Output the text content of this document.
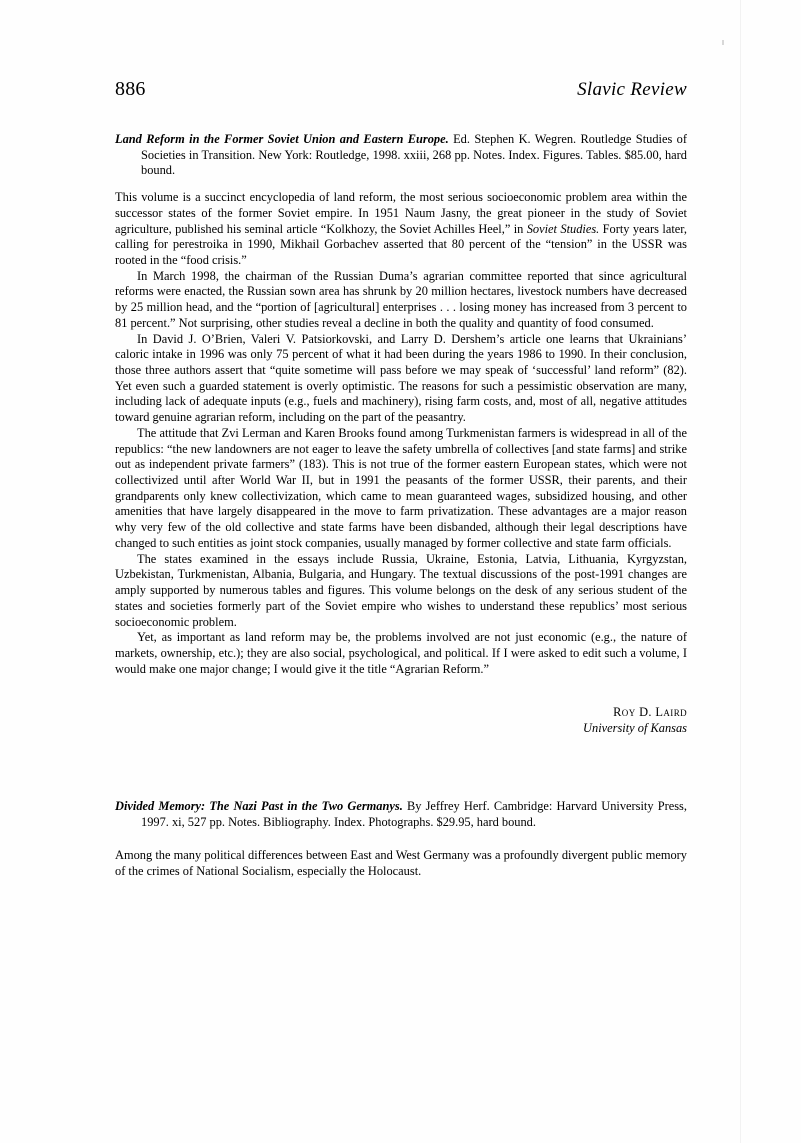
886	Slavic Review

Land Reform in the Former Soviet Union and Eastern Europe. Ed. Stephen K. Wegren. Routledge Studies of Societies in Transition. New York: Routledge, 1998. xxiii, 268 pp. Notes. Index. Figures. Tables. $85.00, hard bound.

This volume is a succinct encyclopedia of land reform, the most serious socioeconomic problem area within the successor states of the former Soviet empire. In 1951 Naum Jasny, the great pioneer in the study of Soviet agriculture, published his seminal article “Kolkhozy, the Soviet Achilles Heel,” in Soviet Studies. Forty years later, calling for perestroika in 1990, Mikhail Gorbachev asserted that 80 percent of the “tension” in the USSR was rooted in the “food crisis.”

In March 1998, the chairman of the Russian Duma’s agrarian committee reported that since agricultural reforms were enacted, the Russian sown area has shrunk by 20 million hectares, livestock numbers have decreased by 25 million head, and the “portion of [agricultural] enterprises . . . losing money has increased from 3 percent to 81 percent.” Not surprising, other studies reveal a decline in both the quality and quantity of food consumed.

In David J. O’Brien, Valeri V. Patsiorkovski, and Larry D. Dershem’s article one learns that Ukrainians’ caloric intake in 1996 was only 75 percent of what it had been during the years 1986 to 1990. In their conclusion, those three authors assert that “quite sometime will pass before we may speak of ‘successful’ land reform” (82). Yet even such a guarded statement is overly optimistic. The reasons for such a pessimistic observation are many, including lack of adequate inputs (e.g., fuels and machinery), rising farm costs, and, most of all, negative attitudes toward genuine agrarian reform, including on the part of the peasantry.

The attitude that Zvi Lerman and Karen Brooks found among Turkmenistan farmers is widespread in all of the republics: “the new landowners are not eager to leave the safety umbrella of collectives [and state farms] and strike out as independent private farmers” (183). This is not true of the former eastern European states, which were not collectivized until after World War II, but in 1991 the peasants of the former USSR, their parents, and their grandparents only knew collectivization, which came to mean guaranteed wages, subsidized housing, and other amenities that have largely disappeared in the move to farm privatization. These advantages are a major reason why very few of the old collective and state farms have been disbanded, although their legal descriptions have changed to such entities as joint stock companies, usually managed by former collective and state farm officials.

The states examined in the essays include Russia, Ukraine, Estonia, Latvia, Lithuania, Kyrgyzstan, Uzbekistan, Turkmenistan, Albania, Bulgaria, and Hungary. The textual discussions of the post-1991 changes are amply supported by numerous tables and figures. This volume belongs on the desk of any serious student of the states and societies formerly part of the Soviet empire who wishes to understand these republics’ most serious socioeconomic problem.

Yet, as important as land reform may be, the problems involved are not just economic (e.g., the nature of markets, ownership, etc.); they are also social, psychological, and political. If I were asked to edit such a volume, I would make one major change; I would give it the title “Agrarian Reform.”

Roy D. Laird
University of Kansas

Divided Memory: The Nazi Past in the Two Germanys. By Jeffrey Herf. Cambridge: Harvard University Press, 1997. xi, 527 pp. Notes. Bibliography. Index. Photographs. $29.95, hard bound.

Among the many political differences between East and West Germany was a profoundly divergent public memory of the crimes of National Socialism, especially the Holocaust.
